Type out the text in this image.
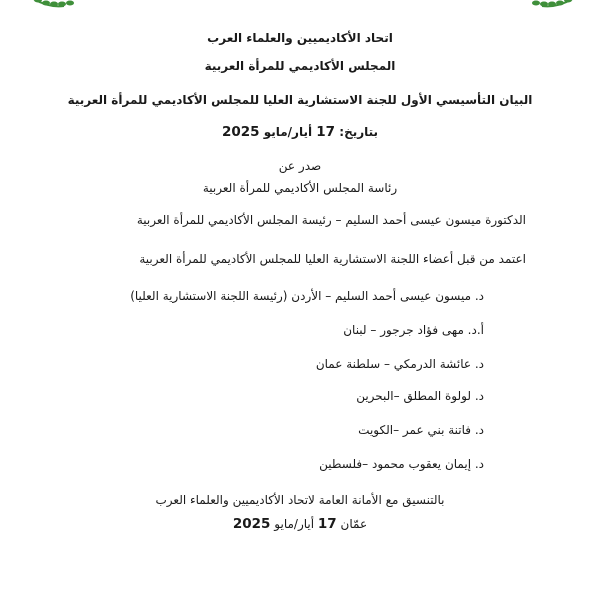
اتحاد الأكاديميين والعلماء العرب
المجلس الأكاديمي للمرأة العربية
البيان التأسيسي الأول للجنة الاستشارية العليا للمجلس الأكاديمي للمرأة العربية
بتاريخ: 17 أيار/مايو 2025
صدر عن
رئاسة المجلس الأكاديمي للمرأة العربية
الدكتورة ميسون عيسى أحمد السليم – رئيسة المجلس الأكاديمي للمرأة العربية
اعتمد من قبل أعضاء اللجنة الاستشارية العليا للمجلس الأكاديمي للمرأة العربية
د. ميسون عيسى أحمد السليم – الأردن (رئيسة اللجنة الاستشارية العليا)
أ.د. مهى فؤاد جرجور – لبنان
د. عائشة الدرمكي – سلطنة عمان
د. لولوة المطلق –البحرين
د. فاتنة بني عمر –الكويت
د. إيمان يعقوب محمود –فلسطين
بالتنسيق مع الأمانة العامة لاتحاد الأكاديميين والعلماء العرب
عمّان 17 أيار/مايو 2025
